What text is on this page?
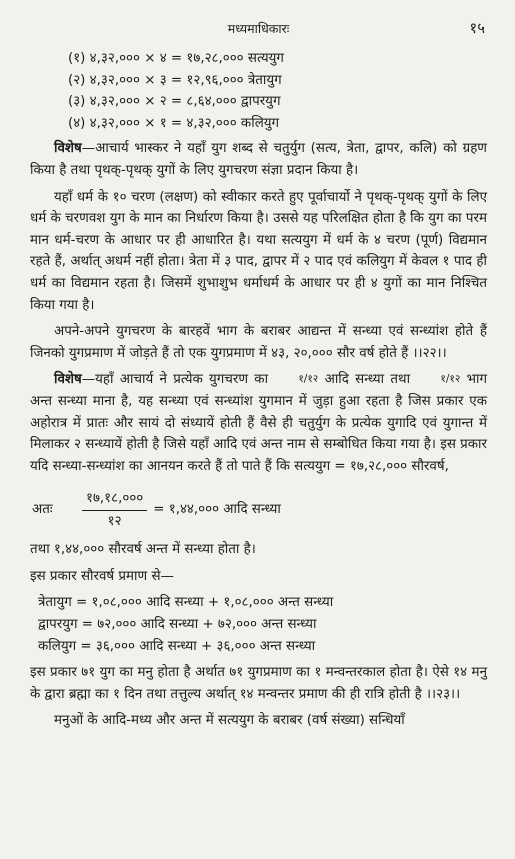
मध्यमाधिकारः	१५
(१) ४,३२,००० × ४ = १७,२८,००० सत्ययुग
(२) ४,३२,००० × ३ = १२,९६,००० त्रेतायुग
(३) ४,३२,००० × २ = ८,६४,००० द्वापरयुग
(४) ४,३२,००० × १ = ४,३२,००० कलियुग

विशेष—आचार्य भास्कर ने यहाँ युग शब्द से चतुर्युग (सत्य, त्रेता, द्वापर, कलि) को ग्रहण किया है तथा पृथक्-पृथक् युगों के लिए युगचरण संज्ञा प्रदान किया है।

यहाँ धर्म के १० चरण (लक्षण) को स्वीकार करते हुए पूर्वाचार्यो ने पृथक्-पृथक् युगों के लिए धर्म के चरणवश युग के मान का निर्धारण किया है। उससे यह परिलक्षित होता है कि युग का परम मान धर्म-चरण के आधार पर ही आधारित है। यथा सत्ययुग में धर्म के ४ चरण (पूर्ण) विद्यमान रहते हैं, अर्थात् अधर्म नहीं होता। त्रेता में ३ पाद, द्वापर में २ पाद एवं कलियुग में केवल १ पाद ही धर्म का विद्यमान रहता है। जिसमें शुभाशुभ धर्माधर्म के आधार पर ही ४ युगों का मान निश्चित किया गया है।

अपने-अपने युगचरण के बारहवें भाग के बराबर आद्यन्त में सन्ध्या एवं सन्ध्यांश होते हैं जिनको युगप्रमाण में जोड़ते हैं तो एक युगप्रमाण में ४३, २०,००० सौर वर्ष होते हैं ।।२२।।

विशेष—यहाँ आचार्य ने प्रत्येक युगचरण का	१/१२ आदि सन्ध्या तथा	१/१२ भाग अन्त सन्ध्या माना है, यह सन्ध्या एवं सन्ध्यांश युगमान में जुड़ा हुआ रहता है जिस प्रकार एक अहोरात्र में प्रातः और सायं दो संध्यायें होती हैं वैसे ही चतुर्युग के प्रत्येक युगादि एवं युगान्त में मिलाकर २ सन्ध्यायें होती है जिसे यहाँ आदि एवं अन्त नाम से सम्बोधित किया गया है। इस प्रकार यदि सन्ध्या-सन्ध्यांश का आनयन करते हैं तो पाते हैं कि सत्ययुग = १७,२८,००० सौरवर्ष,

अतः	$\frac{१७,१८,०००}{१२}$ = १,४४,००० आदि सन्ध्या
तथा १,४४,००० सौरवर्ष अन्त में सन्ध्या होता है।
इस प्रकार सौरवर्ष प्रमाण से—
त्रेतायुग = १,०८,००० आदि सन्ध्या + १,०८,००० अन्त सन्ध्या
द्वापरयुग = ७२,००० आदि सन्ध्या + ७२,००० अन्त सन्ध्या
कलियुग = ३६,००० आदि सन्ध्या + ३६,००० अन्त सन्ध्या

इस प्रकार ७१ युग का मनु होता है अर्थात ७१ युगप्रमाण का १ मन्वन्तरकाल होता है। ऐसे १४ मनु के द्वारा ब्रह्मा का १ दिन तथा तत्तुल्य अर्थात् १४ मन्वन्तर प्रमाण की ही रात्रि होती है ।।२३।।

मनुओं के आदि-मध्य और अन्त में सत्ययुग के बराबर (वर्ष संख्या) सन्धियाँ
